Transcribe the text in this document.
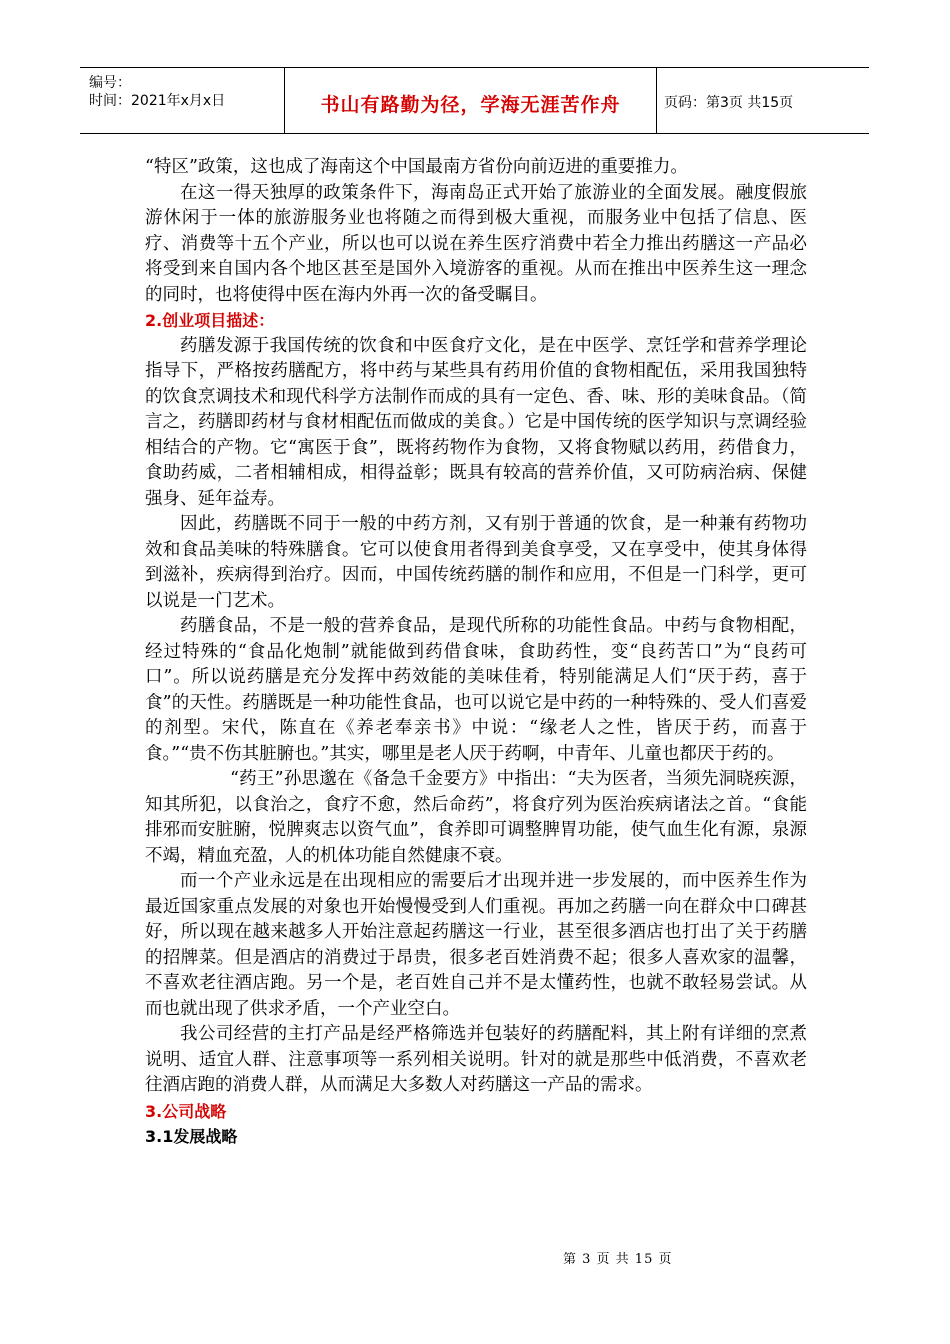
编号：
时间：2021年x月x日	书山有路勤为径，学海无涯苦作舟	页码：第3页 共15页

“特区”政策，这也成了海南这个中国最南方省份向前迈进的重要推力。

在这一得天独厚的政策条件下，海南岛正式开始了旅游业的全面发展。融度假旅游休闲于一体的旅游服务业也将随之而得到极大重视，而服务业中包括了信息、医疗、消费等十五个产业，所以也可以说在养生医疗消费中若全力推出药膳这一产品必将受到来自国内各个地区甚至是国外入境游客的重视。从而在推出中医养生这一理念的同时，也将使得中医在海内外再一次的备受瞩目。

2.创业项目描述：

药膳发源于我国传统的饮食和中医食疗文化，是在中医学、烹饪学和营养学理论指导下，严格按药膳配方，将中药与某些具有药用价值的食物相配伍，采用我国独特的饮食烹调技术和现代科学方法制作而成的具有一定色、香、味、形的美味食品。（简言之，药膳即药材与食材相配伍而做成的美食。）它是中国传统的医学知识与烹调经验相结合的产物。它“寓医于食”，既将药物作为食物，又将食物赋以药用，药借食力，食助药威，二者相辅相成，相得益彰；既具有较高的营养价值，又可防病治病、保健强身、延年益寿。

因此，药膳既不同于一般的中药方剂，又有别于普通的饮食，是一种兼有药物功效和食品美味的特殊膳食。它可以使食用者得到美食享受，又在享受中，使其身体得到滋补，疾病得到治疗。因而，中国传统药膳的制作和应用，不但是一门科学，更可以说是一门艺术。

药膳食品，不是一般的营养食品，是现代所称的功能性食品。中药与食物相配，经过特殊的“食品化炮制”就能做到药借食味，食助药性，变“良药苦口”为“良药可口”。所以说药膳是充分发挥中药效能的美味佳肴，特别能满足人们“厌于药，喜于食”的天性。药膳既是一种功能性食品，也可以说它是中药的一种特殊的、受人们喜爱的剂型。宋代，陈直在《养老奉亲书》中说：“缘老人之性，皆厌于药，而喜于食。”“贵不伤其脏腑也。”其实，哪里是老人厌于药啊，中青年、儿童也都厌于药的。

“药王”孙思邈在《备急千金要方》中指出：“夫为医者，当须先洞晓疾源，知其所犯，以食治之，食疗不愈，然后命药”，将食疗列为医治疾病诸法之首。“食能排邪而安脏腑，悦脾爽志以资气血”，食养即可调整脾胃功能，使气血生化有源，泉源不竭，精血充盈，人的机体功能自然健康不衰。

而一个产业永远是在出现相应的需要后才出现并进一步发展的，而中医养生作为最近国家重点发展的对象也开始慢慢受到人们重视。再加之药膳一向在群众中口碑甚好，所以现在越来越多人开始注意起药膳这一行业，甚至很多酒店也打出了关于药膳的招牌菜。但是酒店的消费过于昂贵，很多老百姓消费不起；很多人喜欢家的温馨，不喜欢老往酒店跑。另一个是，老百姓自己并不是太懂药性，也就不敢轻易尝试。从而也就出现了供求矛盾，一个产业空白。

我公司经营的主打产品是经严格筛选并包装好的药膳配料，其上附有详细的烹煮说明、适宜人群、注意事项等一系列相关说明。针对的就是那些中低消费，不喜欢老往酒店跑的消费人群，从而满足大多数人对药膳这一产品的需求。

3.公司战略

3.1发展战略

第 3 页 共 15 页
